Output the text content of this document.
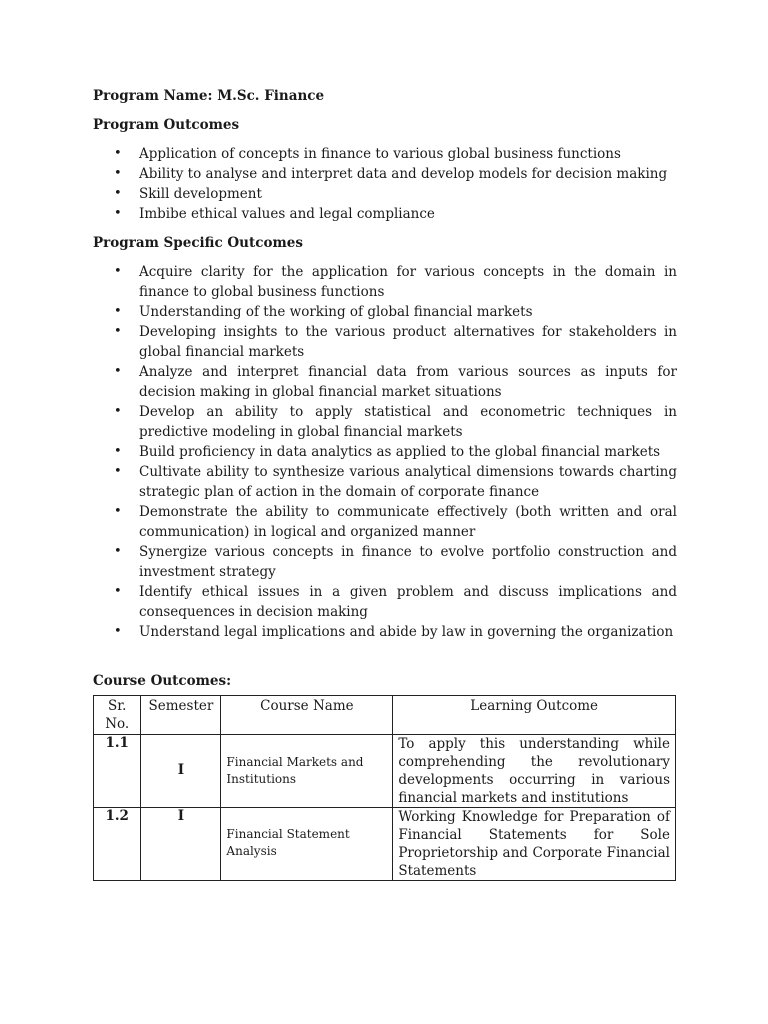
Program Name: M.Sc. Finance
Program Outcomes
• Application of concepts in finance to various global business functions
• Ability to analyse and interpret data and develop models for decision making
• Skill development
• Imbibe ethical values and legal compliance
Program Specific Outcomes
• Acquire clarity for the application for various concepts in the domain in finance to global business functions
• Understanding of the working of global financial markets
• Developing insights to the various product alternatives for stakeholders in global financial markets
• Analyze and interpret financial data from various sources as inputs for decision making in global financial market situations
• Develop an ability to apply statistical and econometric techniques in predictive modeling in global financial markets
• Build proficiency in data analytics as applied to the global financial markets
• Cultivate ability to synthesize various analytical dimensions towards charting strategic plan of action in the domain of corporate finance
• Demonstrate the ability to communicate effectively (both written and oral communication) in logical and organized manner
• Synergize various concepts in finance to evolve portfolio construction and investment strategy
• Identify ethical issues in a given problem and discuss implications and consequences in decision making
• Understand legal implications and abide by law in governing the organization
Course Outcomes:
Sr. No.	Semester	Course Name	Learning Outcome
1.1	I	Financial Markets and Institutions	To apply this understanding while comprehending the revolutionary developments occurring in various financial markets and institutions
1.2	I	Financial Statement Analysis	Working Knowledge for Preparation of Financial Statements for Sole Proprietorship and Corporate Financial Statements
